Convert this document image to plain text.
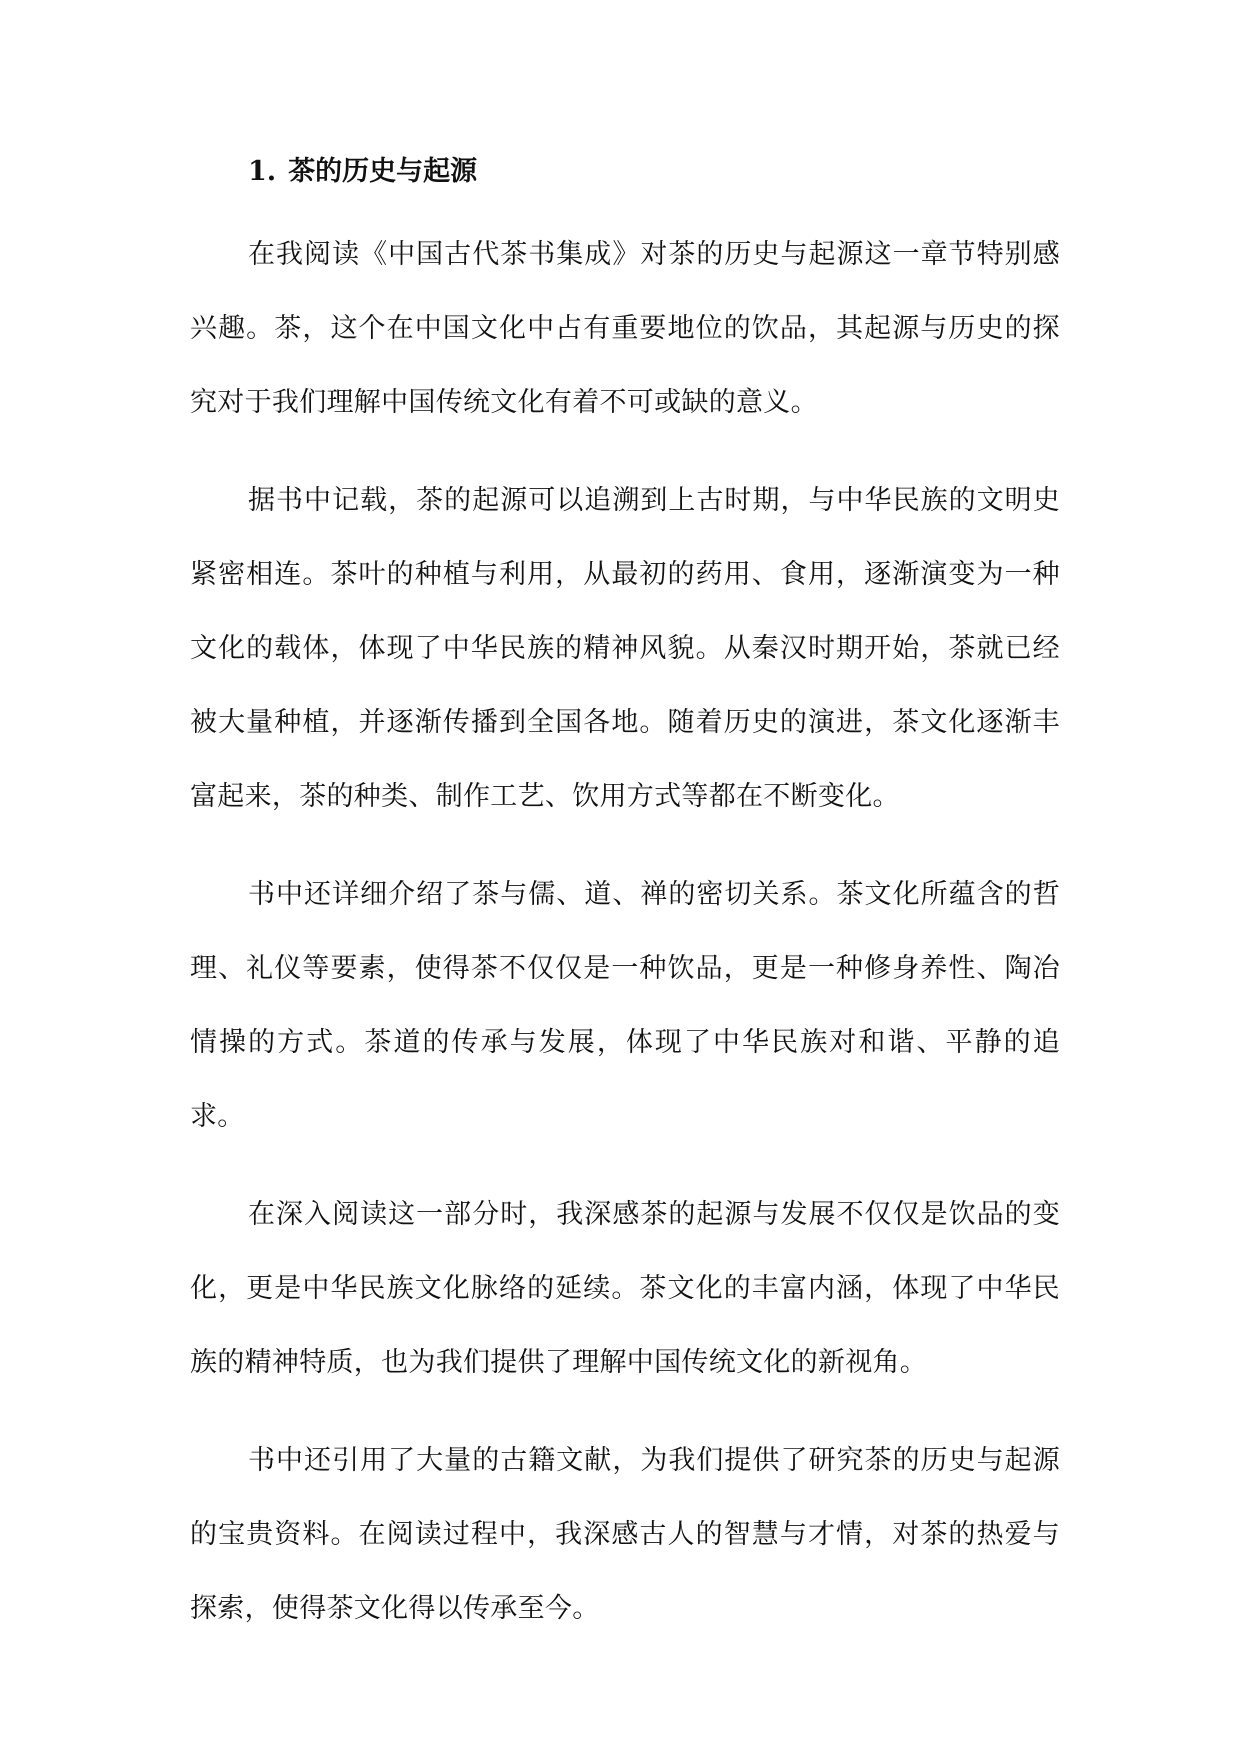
1. 茶的历史与起源

在我阅读《中国古代茶书集成》对茶的历史与起源这一章节特别感兴趣。茶，这个在中国文化中占有重要地位的饮品，其起源与历史的探究对于我们理解中国传统文化有着不可或缺的意义。

据书中记载，茶的起源可以追溯到上古时期，与中华民族的文明史紧密相连。茶叶的种植与利用，从最初的药用、食用，逐渐演变为一种文化的载体，体现了中华民族的精神风貌。从秦汉时期开始，茶就已经被大量种植，并逐渐传播到全国各地。随着历史的演进，茶文化逐渐丰富起来，茶的种类、制作工艺、饮用方式等都在不断变化。

书中还详细介绍了茶与儒、道、禅的密切关系。茶文化所蕴含的哲理、礼仪等要素，使得茶不仅仅是一种饮品，更是一种修身养性、陶冶情操的方式。茶道的传承与发展，体现了中华民族对和谐、平静的追求。

在深入阅读这一部分时，我深感茶的起源与发展不仅仅是饮品的变化，更是中华民族文化脉络的延续。茶文化的丰富内涵，体现了中华民族的精神特质，也为我们提供了理解中国传统文化的新视角。

书中还引用了大量的古籍文献，为我们提供了研究茶的历史与起源的宝贵资料。在阅读过程中，我深感古人的智慧与才情，对茶的热爱与探索，使得茶文化得以传承至今。
